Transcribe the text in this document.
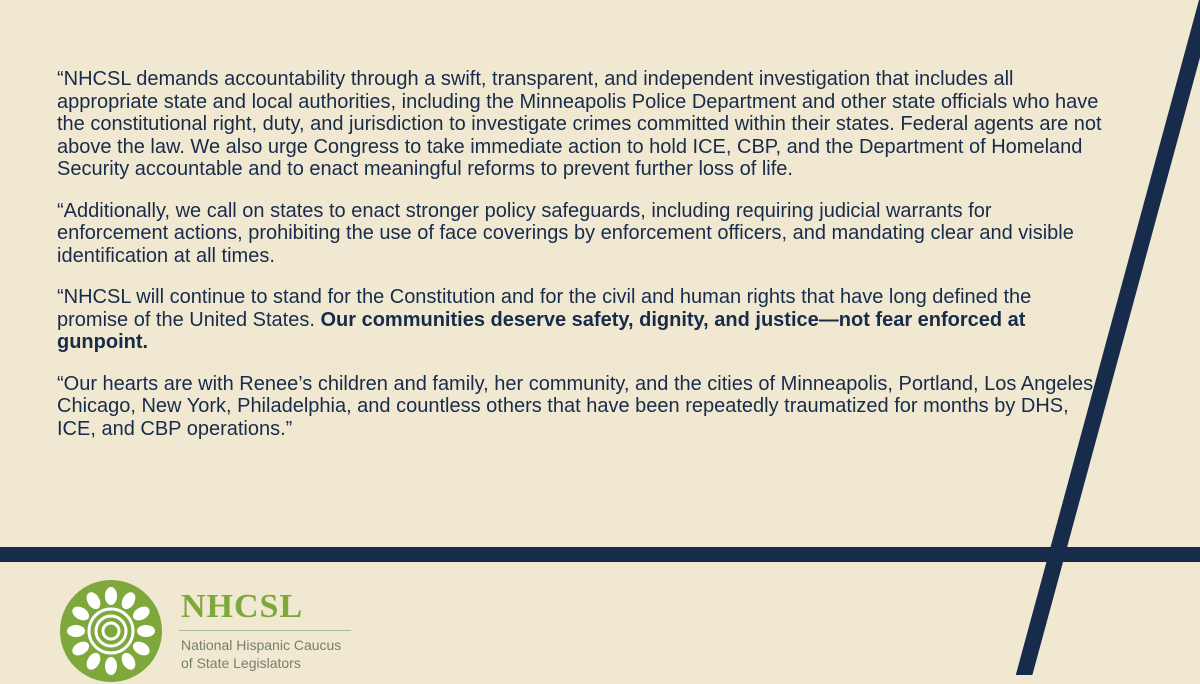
“NHCSL demands accountability through a swift, transparent, and independent investigation that includes all appropriate state and local authorities, including the Minneapolis Police Department and other state officials who have the constitutional right, duty, and jurisdiction to investigate crimes committed within their states. Federal agents are not above the law. We also urge Congress to take immediate action to hold ICE, CBP, and the Department of Homeland Security accountable and to enact meaningful reforms to prevent further loss of life.

“Additionally, we call on states to enact stronger policy safeguards, including requiring judicial warrants for enforcement actions, prohibiting the use of face coverings by enforcement officers, and mandating clear and visible identification at all times.

“NHCSL will continue to stand for the Constitution and for the civil and human rights that have long defined the promise of the United States. Our communities deserve safety, dignity, and justice—not fear enforced at gunpoint.

“Our hearts are with Renee’s children and family, her community, and the cities of Minneapolis, Portland, Los Angeles, Chicago, New York, Philadelphia, and countless others that have been repeatedly traumatized for months by DHS, ICE, and CBP operations.”

NHCSL
National Hispanic Caucus
of State Legislators
